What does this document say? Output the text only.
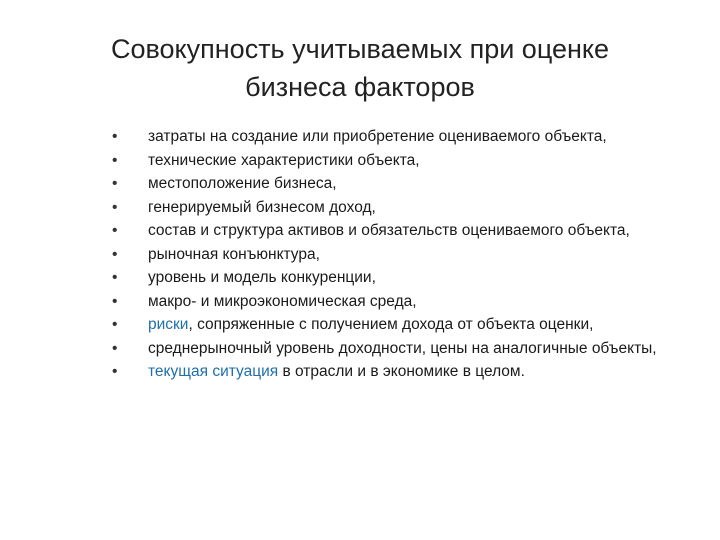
Совокупность учитываемых при оценке
бизнеса факторов
• затраты на создание или приобретение оцениваемого объекта,
• технические характеристики объекта,
• местоположение бизнеса,
• генерируемый бизнесом доход,
• состав и структура активов и обязательств оцениваемого объекта,
• рыночная конъюнктура,
• уровень и модель конкуренции,
• макро- и микроэкономическая среда,
• риски, сопряженные с получением дохода от объекта оценки,
• среднерыночный уровень доходности, цены на аналогичные объекты,
• текущая ситуация в отрасли и в экономике в целом.
